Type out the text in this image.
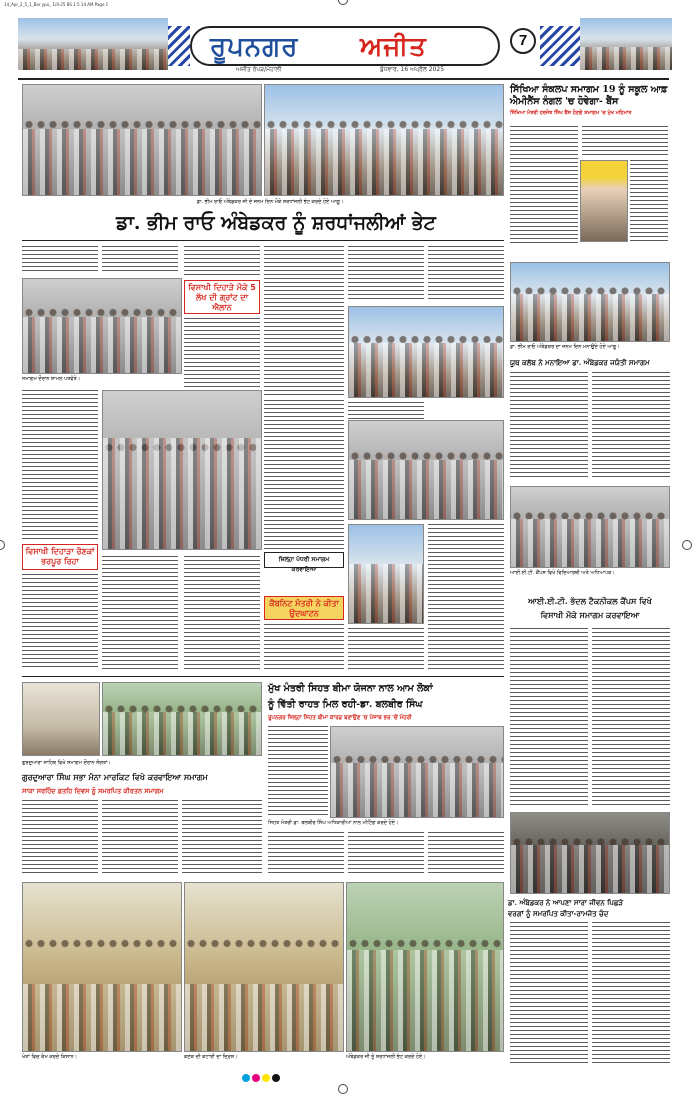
14_Apr_2_5_1_Bar ypu_ 1/4-25 BS 1:5 14 AM Page 1
ਰੂਪਨਗਰ ਅਜੀਤ
ਅਜੀਤ ਰੋਪੜ/ਮੋਹਾਲੀ	ਬੁੱਧਵਾਰ, 16 ਅਪ੍ਰੈਲ 2025
7
ਡਾ. ਭੀਮ ਰਾਓ ਅੰਬੇਡਕਰ ਜੀ ਦੇ ਜਨਮ ਦਿਨ ਮੌਕੇ ਸ਼ਰਧਾਂਜਲੀ ਭੇਟ ਕਰਦੇ ਹੋਏ ਆਗੂ।
ਡਾ. ਭੀਮ ਰਾਓ ਅੰਬੇਡਕਰ ਨੂੰ ਸ਼ਰਧਾਂਜਲੀਆਂ ਭੇਟ
ਸਿੱਖਿਆ ਸੰਕਲਪ ਸਮਾਗਮ 19 ਨੂੰ ਸਕੂਲ ਆਫ਼ ਐਮੀਨੈਂਸ ਨੰਗਲ 'ਚ ਹੋਵੇਗਾ- ਬੈਂਸ
ਸਿੱਖਿਆ ਮੰਤਰੀ ਹਰਜੋਤ ਸਿੰਘ ਬੈਂਸ ਹੋਣਗੇ ਸਮਾਗਮ 'ਚ ਮੁੱਖ ਮਹਿਮਾਨ
ਡਾ. ਭੀਮ ਰਾਓ ਅੰਬੇਡਕਰ ਦਾ ਜਨਮ ਦਿਨ ਮਨਾਉਂਦੇ ਹੋਏ ਆਗੂ।
ਯੂਥ ਕਲੱਬ ਨੇ ਮਨਾਇਆ ਡਾ. ਅੰਬੇਡਕਰ ਜਯੰਤੀ ਸਮਾਗਮ
ਆਈ.ਈ.ਟੀ. ਕੈਂਪਸ ਵਿਖੇ ਵਿਦਿਆਰਥੀ ਅਤੇ ਅਧਿਆਪਕ।
ਆਈ.ਈ.ਟੀ. ਭੱਦਲ ਟੈਕਨੀਕਲ ਕੈਂਪਸ ਵਿਖੇ
ਵਿਸਾਖੀ ਮੌਕੇ ਸਮਾਗਮ ਕਰਵਾਇਆ
ਡਾ. ਅੰਬੇਡਕਰ ਨੇ ਆਪਣਾ ਸਾਰਾ ਜੀਵਨ ਪਿਛੜੇ
ਵਰਗਾਂ ਨੂੰ ਸਮਰਪਿਤ ਕੀਤਾ-ਰਾਮਜੋਤ ਚੰਦ
ਸਮਾਗਮ ਦੌਰਾਨ ਸ਼ਾਮਲ ਪਤਵੰਤੇ।
ਵਿਸਾਖੀ ਦਿਹਾੜਾ ਰੌਣਕਾਂ ਭਰਪੂਰ ਰਿਹਾ
ਵਿਸਾਖੀ ਦਿਹਾੜੇ ਮੌਕੇ 5 ਲੱਖ ਦੀ ਗ੍ਰਾਂਟ ਦਾ ਐਲਾਨ
ਜ਼ਿਲ੍ਹਾ ਪੱਧਰੀ ਸਮਾਗਮ ਕਰਵਾਇਆ
ਕੈਬਨਿਟ ਮੰਤਰੀ ਨੇ ਕੀਤਾ ਉਦਘਾਟਨ
ਗੁਰਦੁਆਰਾ ਸਾਹਿਬ ਵਿਖੇ ਸਮਾਗਮ ਦੌਰਾਨ ਸੰਗਤਾਂ।
ਗੁਰਦੁਆਰਾ ਸਿੰਘ ਸਭਾ ਮੰਨਾ ਮਾਰਕਿਟ ਵਿਖੇ ਕਰਵਾਇਆ ਸਮਾਗਮ
ਸਾਕਾ ਸਰਹਿੰਦ ਫ਼ਤਹਿ ਦਿਵਸ ਨੂੰ ਸਮਰਪਿਤ ਕੀਰਤਨ ਸਮਾਗਮ
ਮੁੱਖ ਮੰਤਰੀ ਸਿਹਤ ਬੀਮਾ ਯੋਜਨਾ ਨਾਲ ਆਮ ਲੋਕਾਂ
ਨੂੰ ਵਿੱਤੀ ਰਾਹਤ ਮਿਲ ਰਹੀ-ਡਾ. ਬਲਬੀਰ ਸਿੰਘ
ਰੂਪਨਗਰ ਜ਼ਿਲ੍ਹਾ ਸਿਹਤ ਬੀਮਾ ਕਾਰਡ ਬਣਾਉਣ 'ਚ ਪੰਜਾਬ ਭਰ 'ਚੋਂ ਮੋਹਰੀ
ਸਿਹਤ ਮੰਤਰੀ ਡਾ. ਬਲਬੀਰ ਸਿੰਘ ਅਧਿਕਾਰੀਆਂ ਨਾਲ ਮੀਟਿੰਗ ਕਰਦੇ ਹੋਏ।
ਖੇਤਾਂ ਵਿਚ ਕੰਮ ਕਰਦੇ ਕਿਸਾਨ।	ਕਣਕ ਦੀ ਕਟਾਈ ਦਾ ਦ੍ਰਿਸ਼।	ਅੰਬੇਡਕਰ ਜੀ ਨੂੰ ਸ਼ਰਧਾਂਜਲੀ ਭੇਟ ਕਰਦੇ ਹੋਏ।
